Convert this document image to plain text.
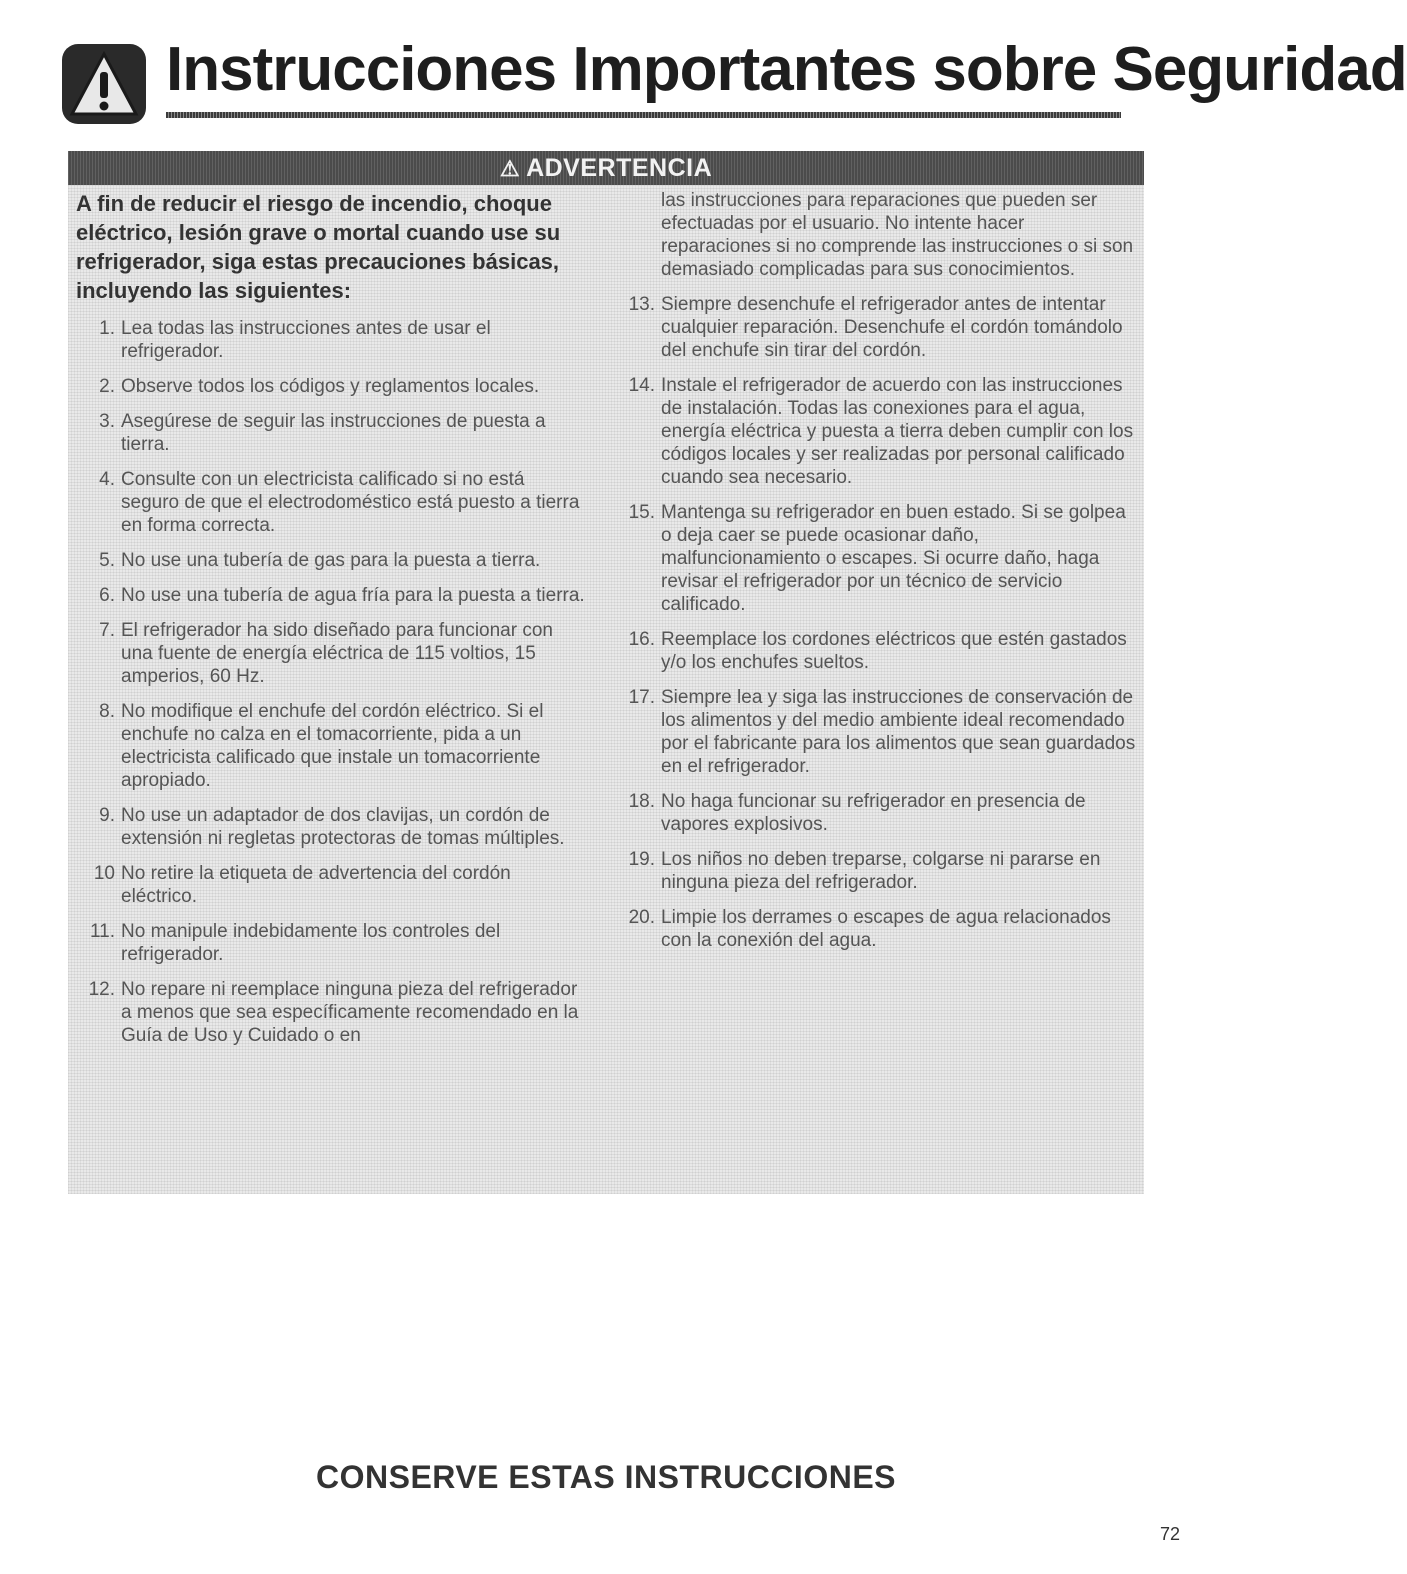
Instrucciones Importantes sobre Seguridad
⚠ ADVERTENCIA

A fin de reducir el riesgo de incendio, choque eléctrico, lesión grave o mortal cuando use su refrigerador, siga estas precauciones básicas, incluyendo las siguientes:

1. Lea todas las instrucciones antes de usar el refrigerador.
2. Observe todos los códigos y reglamentos locales.
3. Asegúrese de seguir las instrucciones de puesta a tierra.
4. Consulte con un electricista calificado si no está seguro de que el electrodoméstico está puesto a tierra en forma correcta.
5. No use una tubería de gas para la puesta a tierra.
6. No use una tubería de agua fría para la puesta a tierra.
7. El refrigerador ha sido diseñado para funcionar con una fuente de energía eléctrica de 115 voltios, 15 amperios, 60 Hz.
8. No modifique el enchufe del cordón eléctrico. Si el enchufe no calza en el tomacorriente, pida a un electricista calificado que instale un tomacorriente apropiado.
9. No use un adaptador de dos clavijas, un cordón de extensión ni regletas protectoras de tomas múltiples.
10 No retire la etiqueta de advertencia del cordón eléctrico.
11. No manipule indebidamente los controles del refrigerador.
12. No repare ni reemplace ninguna pieza del refrigerador a menos que sea específicamente recomendado en la Guía de Uso y Cuidado o en

las instrucciones para reparaciones que pueden ser efectuadas por el usuario. No intente hacer reparaciones si no comprende las instrucciones o si son demasiado complicadas para sus conocimientos.

13. Siempre desenchufe el refrigerador antes de intentar cualquier reparación. Desenchufe el cordón tomándolo del enchufe sin tirar del cordón.
14. Instale el refrigerador de acuerdo con las instrucciones de instalación. Todas las conexiones para el agua, energía eléctrica y puesta a tierra deben cumplir con los códigos locales y ser realizadas por personal calificado cuando sea necesario.
15. Mantenga su refrigerador en buen estado. Si se golpea o deja caer se puede ocasionar daño, malfuncionamiento o escapes. Si ocurre daño, haga revisar el refrigerador por un técnico de servicio calificado.
16. Reemplace los cordones eléctricos que estén gastados y/o los enchufes sueltos.
17. Siempre lea y siga las instrucciones de conservación de los alimentos y del medio ambiente ideal recomendado por el fabricante para los alimentos que sean guardados en el refrigerador.
18. No haga funcionar su refrigerador en presencia de vapores explosivos.
19. Los niños no deben treparse, colgarse ni pararse en ninguna pieza del refrigerador.
20. Limpie los derrames o escapes de agua relacionados con la conexión del agua.
CONSERVE ESTAS INSTRUCCIONES
72
